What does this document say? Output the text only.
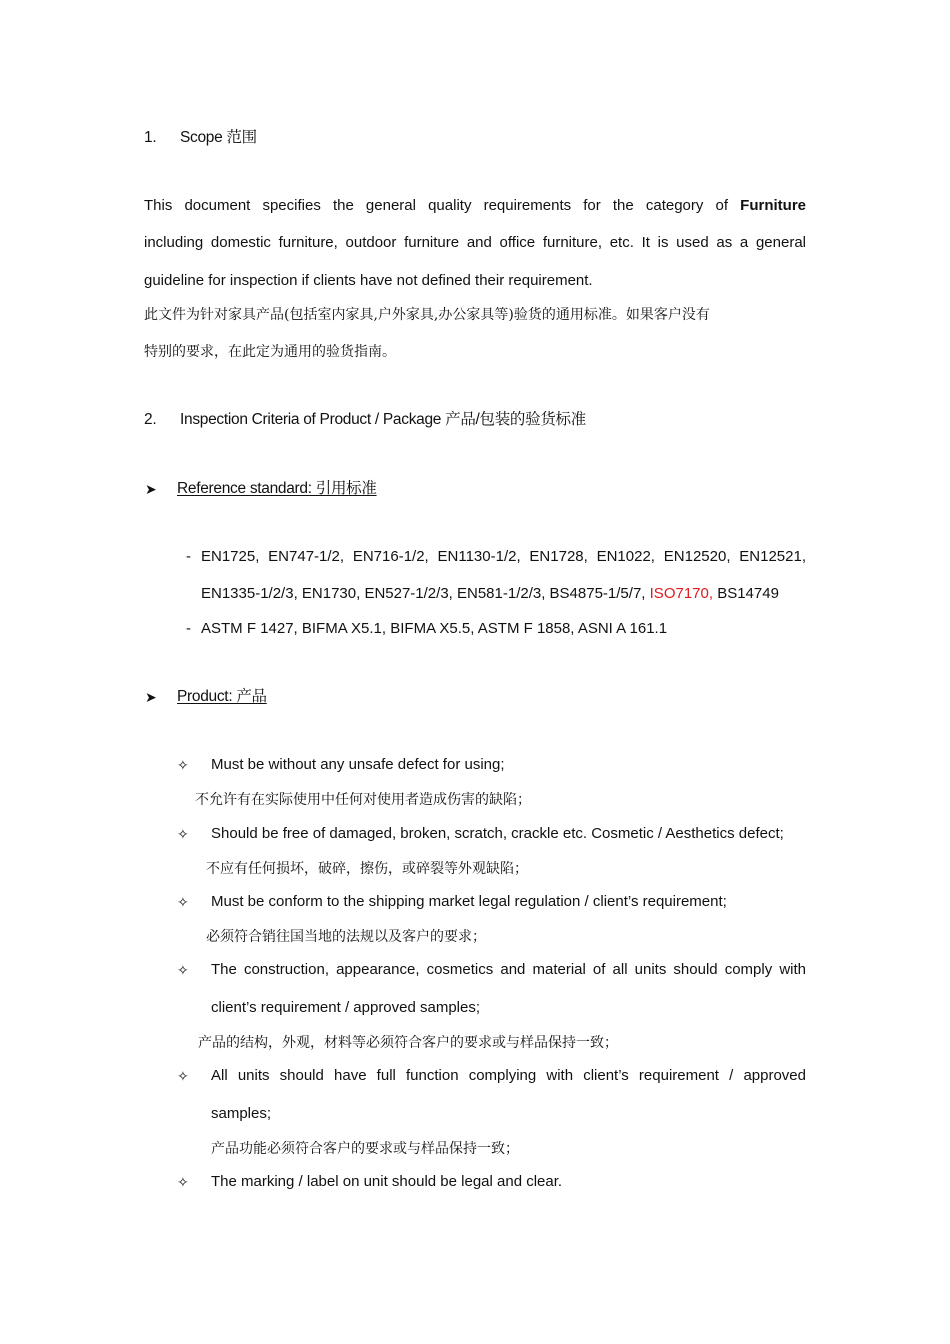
1. Scope 范围
This document specifies the general quality requirements for the category of Furniture
including domestic furniture, outdoor furniture and office furniture, etc. It is used as a general
guideline for inspection if clients have not defined their requirement.
此文件为针对家具产品(包括室内家具,户外家具,办公家具等)验货的通用标准。如果客户没有
特别的要求，在此定为通用的验货指南。
2. Inspection Criteria of Product / Package 产品/包装的验货标准
➤ Reference standard: 引用标准
- EN1725, EN747-1/2, EN716-1/2, EN1130-1/2, EN1728, EN1022, EN12520, EN12521,
EN1335-1/2/3, EN1730, EN527-1/2/3, EN581-1/2/3, BS4875-1/5/7, ISO7170, BS14749
- ASTM F 1427, BIFMA X5.1, BIFMA X5.5, ASTM F 1858, ASNI A 161.1
➤ Product: 产品
✧ Must be without any unsafe defect for using;
不允许有在实际使用中任何对使用者造成伤害的缺陷；
✧ Should be free of damaged, broken, scratch, crackle etc. Cosmetic / Aesthetics defect;
不应有任何损坏，破碎，擦伤，或碎裂等外观缺陷；
✧ Must be conform to the shipping market legal regulation / client’s requirement;
必须符合销往国当地的法规以及客户的要求；
✧ The construction, appearance, cosmetics and material of all units should comply with
client’s requirement / approved samples;
产品的结构，外观，材料等必须符合客户的要求或与样品保持一致；
✧ All units should have full function complying with client’s requirement / approved
samples;
产品功能必须符合客户的要求或与样品保持一致；
✧ The marking / label on unit should be legal and clear.
